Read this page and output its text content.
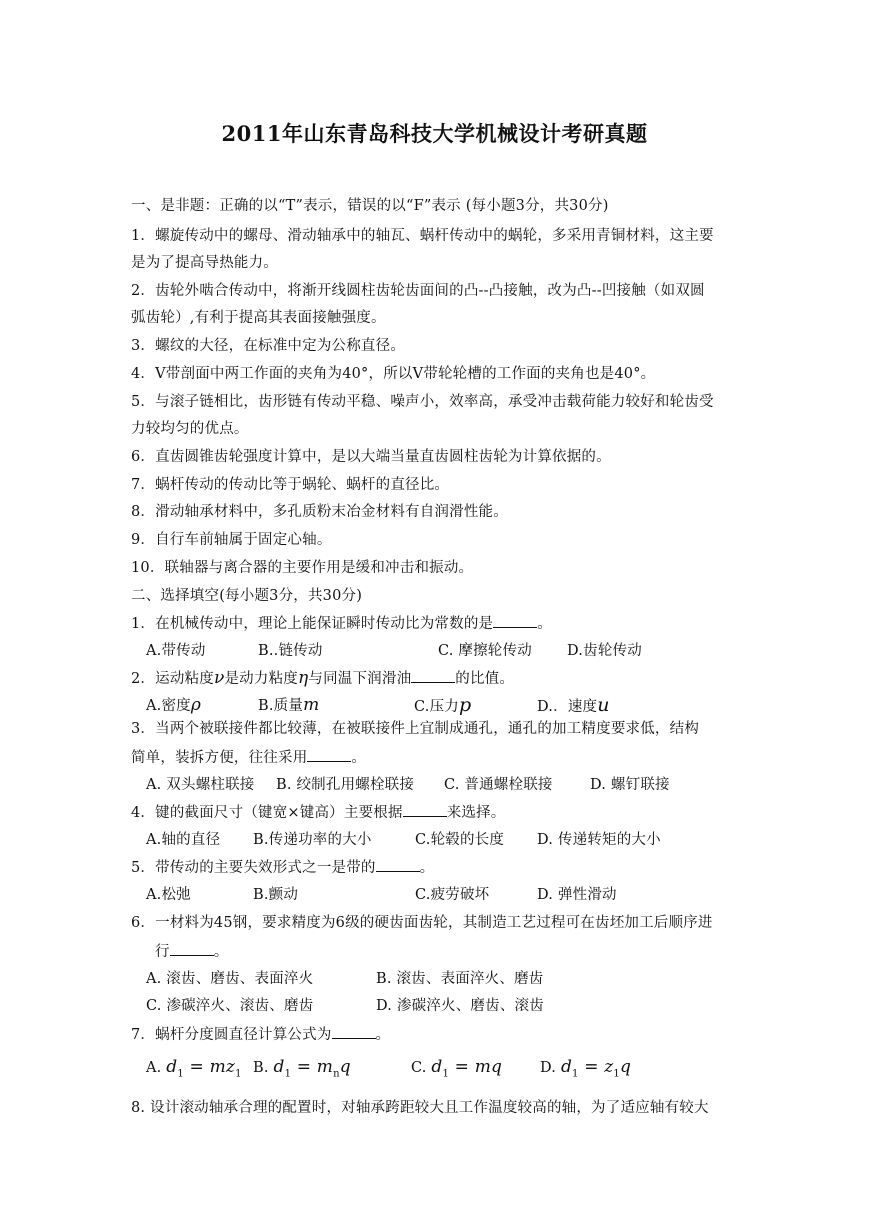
2011年山东青岛科技大学机械设计考研真题
一、是非题：正确的以“T”表示，错误的以“F”表示 (每小题3分，共30分)
1．螺旋传动中的螺母、滑动轴承中的轴瓦、蜗杆传动中的蜗轮，多采用青铜材料，这主要
是为了提高导热能力。
2．齿轮外啮合传动中，将渐开线圆柱齿轮齿面间的凸--凸接触，改为凸--凹接触（如双圆
弧齿轮）,有利于提高其表面接触强度。
3．螺纹的大径，在标准中定为公称直径。
4．V带剖面中两工作面的夹角为40°，所以V带轮轮槽的工作面的夹角也是40°。
5．与滚子链相比，齿形链有传动平稳、噪声小，效率高，承受冲击载荷能力较好和轮齿受
力较均匀的优点。
6．直齿圆锥齿轮强度计算中，是以大端当量直齿圆柱齿轮为计算依据的。
7．蜗杆传动的传动比等于蜗轮、蜗杆的直径比。
8．滑动轴承材料中，多孔质粉末冶金材料有自润滑性能。
9．自行车前轴属于固定心轴。
10．联轴器与离合器的主要作用是缓和冲击和振动。
二、选择填空(每小题3分，共30分)
1．在机械传动中，理论上能保证瞬时传动比为常数的是	。
A.带传动	B..链传动	C. 摩擦轮传动 D.齿轮传动
2．运动粘度ν是动力粘度η与同温下润滑油	的比值。
A.密度ρ	B.质量m	C.压力p	D.．速度u
3．当两个被联接件都比较薄，在被联接件上宜制成通孔，通孔的加工精度要求低，结构
简单，装拆方便，往往采用	。
A. 双头螺柱联接 B. 绞制孔用螺栓联接 C. 普通螺栓联接	D. 螺钉联接
4．键的截面尺寸（键宽×键高）主要根据	来选择。
A.轴的直径 B.传递功率的大小	C.轮毂的长度 D. 传递转矩的大小
5．带传动的主要失效形式之一是带的	。
A.松弛	B.颤动	C.疲劳破坏	D. 弹性滑动
6．一材料为45钢，要求精度为6级的硬齿面齿轮，其制造工艺过程可在齿坯加工后顺序进
行	。
A. 滚齿、磨齿、表面淬火	B. 滚齿、表面淬火、磨齿
C. 渗碳淬火、滚齿、磨齿	D. 渗碳淬火、磨齿、滚齿
7．蜗杆分度圆直径计算公式为	。
A. $d_1 = mz_1$ B. $d_1 = m_nq$	C. $d_1$ = mq	D. $d_1 = z_1q$
8. 设计滚动轴承合理的配置时，对轴承跨距较大且工作温度较高的轴，为了适应轴有较大
